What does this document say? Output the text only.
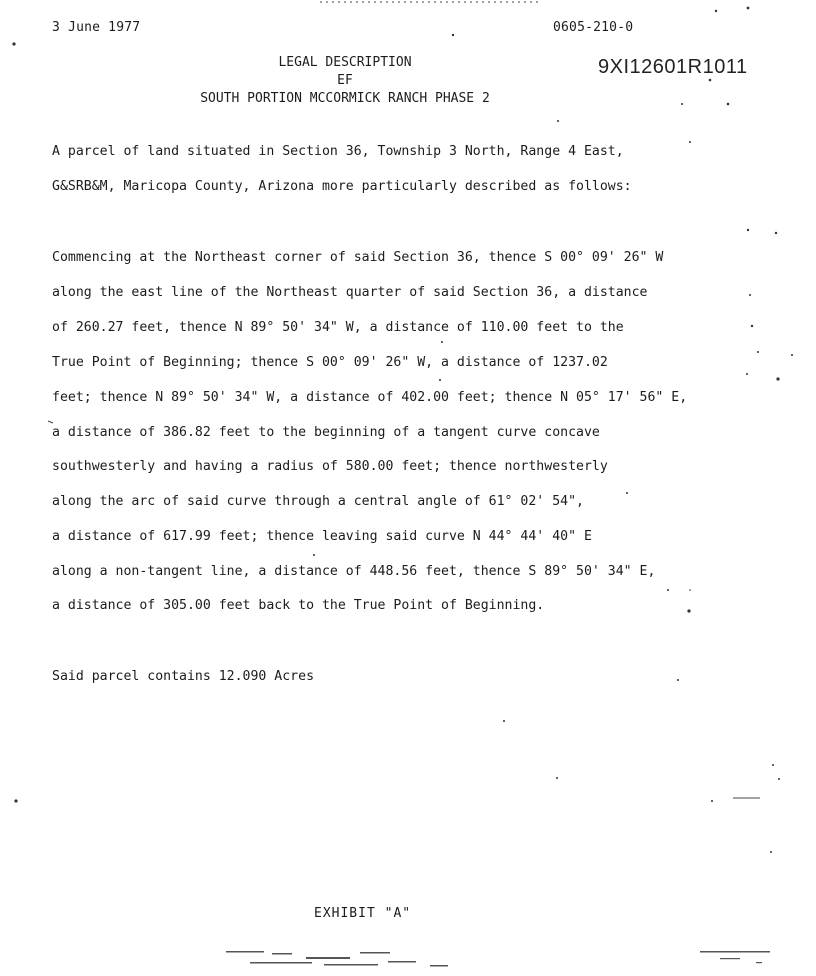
3 June 1977	0605-210-0
9XI12601R1011
LEGAL DESCRIPTION
EF
SOUTH PORTION MCCORMICK RANCH PHASE 2
A parcel of land situated in Section 36, Township 3 North, Range 4 East,
G&SRB&M, Maricopa County, Arizona more particularly described as follows:
Commencing at the Northeast corner of said Section 36, thence S 00° 09' 26" W
along the east line of the Northeast quarter of said Section 36, a distance
of 260.27 feet, thence N 89° 50' 34" W, a distance of 110.00 feet to the
True Point of Beginning; thence S 00° 09' 26" W, a distance of 1237.02
feet; thence N 89° 50' 34" W, a distance of 402.00 feet; thence N 05° 17' 56" E,
a distance of 386.82 feet to the beginning of a tangent curve concave
southwesterly and having a radius of 580.00 feet; thence northwesterly
along the arc of said curve through a central angle of 61° 02' 54",
a distance of 617.99 feet; thence leaving said curve N 44° 44' 40" E
along a non-tangent line, a distance of 448.56 feet, thence S 89° 50' 34" E,
a distance of 305.00 feet back to the True Point of Beginning.
Said parcel contains 12.090 Acres
EXHIBIT "A"
